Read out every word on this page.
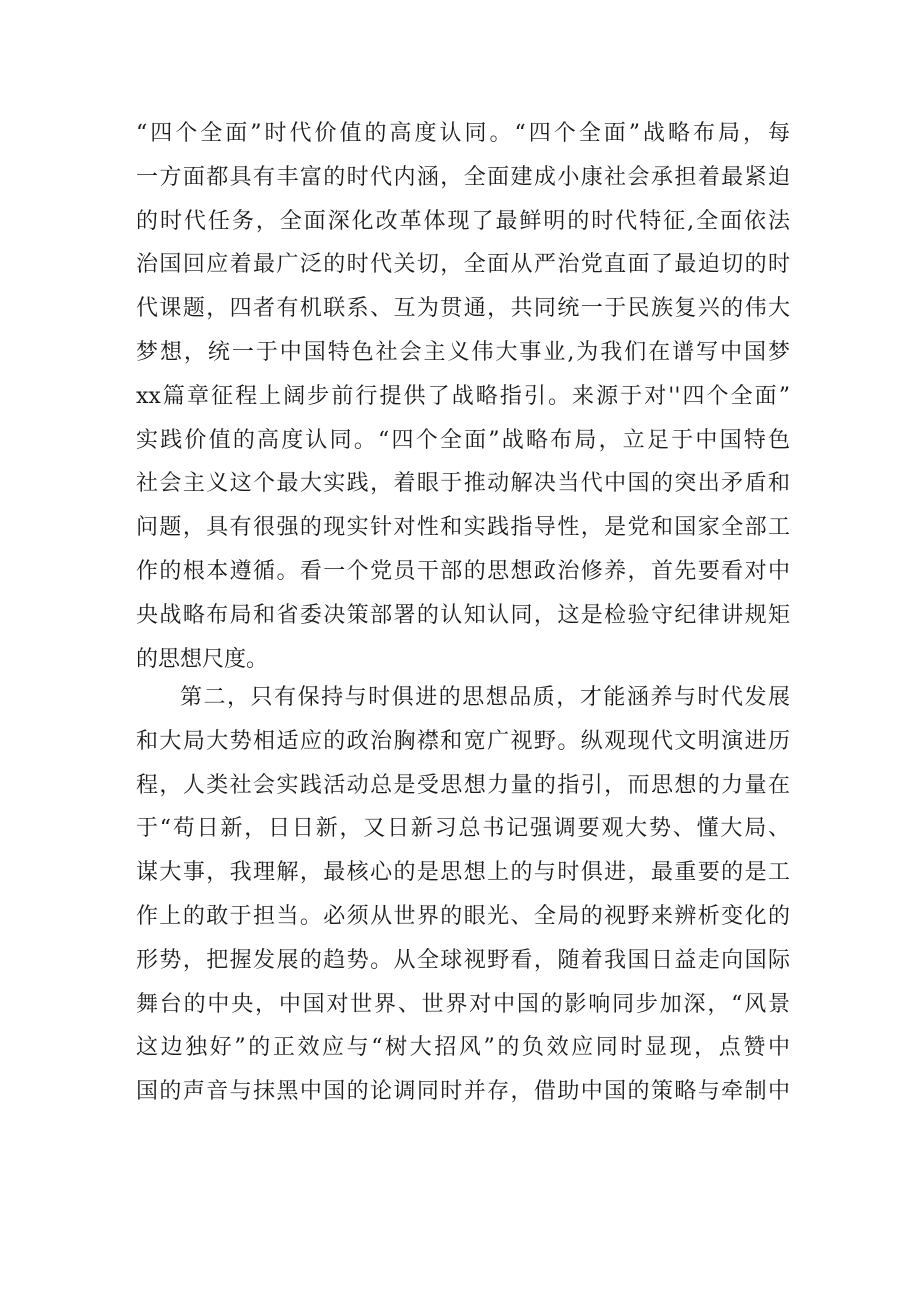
“四个全面”时代价值的高度认同。“四个全面”战略布局，每
一方面都具有丰富的时代内涵，全面建成小康社会承担着最紧迫
的时代任务，全面深化改革体现了最鲜明的时代特征,全面依法
治国回应着最广泛的时代关切，全面从严治党直面了最迫切的时
代课题，四者有机联系、互为贯通，共同统一于民族复兴的伟大
梦想，统一于中国特色社会主义伟大事业,为我们在谱写中国梦
xx篇章征程上阔步前行提供了战略指引。来源于对''四个全面”
实践价值的高度认同。“四个全面”战略布局，立足于中国特色
社会主义这个最大实践，着眼于推动解决当代中国的突出矛盾和
问题，具有很强的现实针对性和实践指导性，是党和国家全部工
作的根本遵循。看一个党员干部的思想政治修养，首先要看对中
央战略布局和省委决策部署的认知认同，这是检验守纪律讲规矩
的思想尺度。
第二，只有保持与时俱进的思想品质，才能涵养与时代发展
和大局大势相适应的政治胸襟和宽广视野。纵观现代文明演进历
程，人类社会实践活动总是受思想力量的指引，而思想的力量在
于“苟日新，日日新，又日新习总书记强调要观大势、懂大局、
谋大事，我理解，最核心的是思想上的与时俱进，最重要的是工
作上的敢于担当。必须从世界的眼光、全局的视野来辨析变化的
形势，把握发展的趋势。从全球视野看，随着我国日益走向国际
舞台的中央，中国对世界、世界对中国的影响同步加深，“风景
这边独好”的正效应与“树大招风”的负效应同时显现，点赞中
国的声音与抹黑中国的论调同时并存，借助中国的策略与牵制中
